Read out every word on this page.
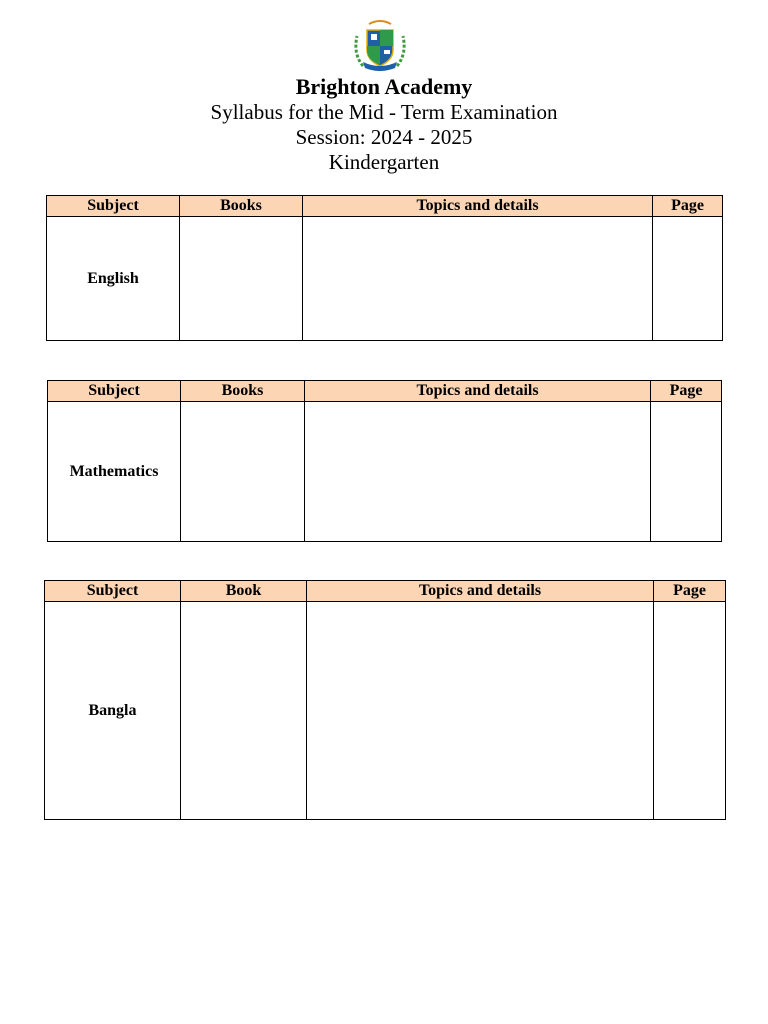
Brighton Academy
Syllabus for the Mid - Term Examination
Session: 2024 - 2025
Kindergarten
Subject	Books	Topics and details	Page
English			
Subject	Books	Topics and details	Page
Mathematics			
Subject	Book	Topics and details	Page
Bangla			
